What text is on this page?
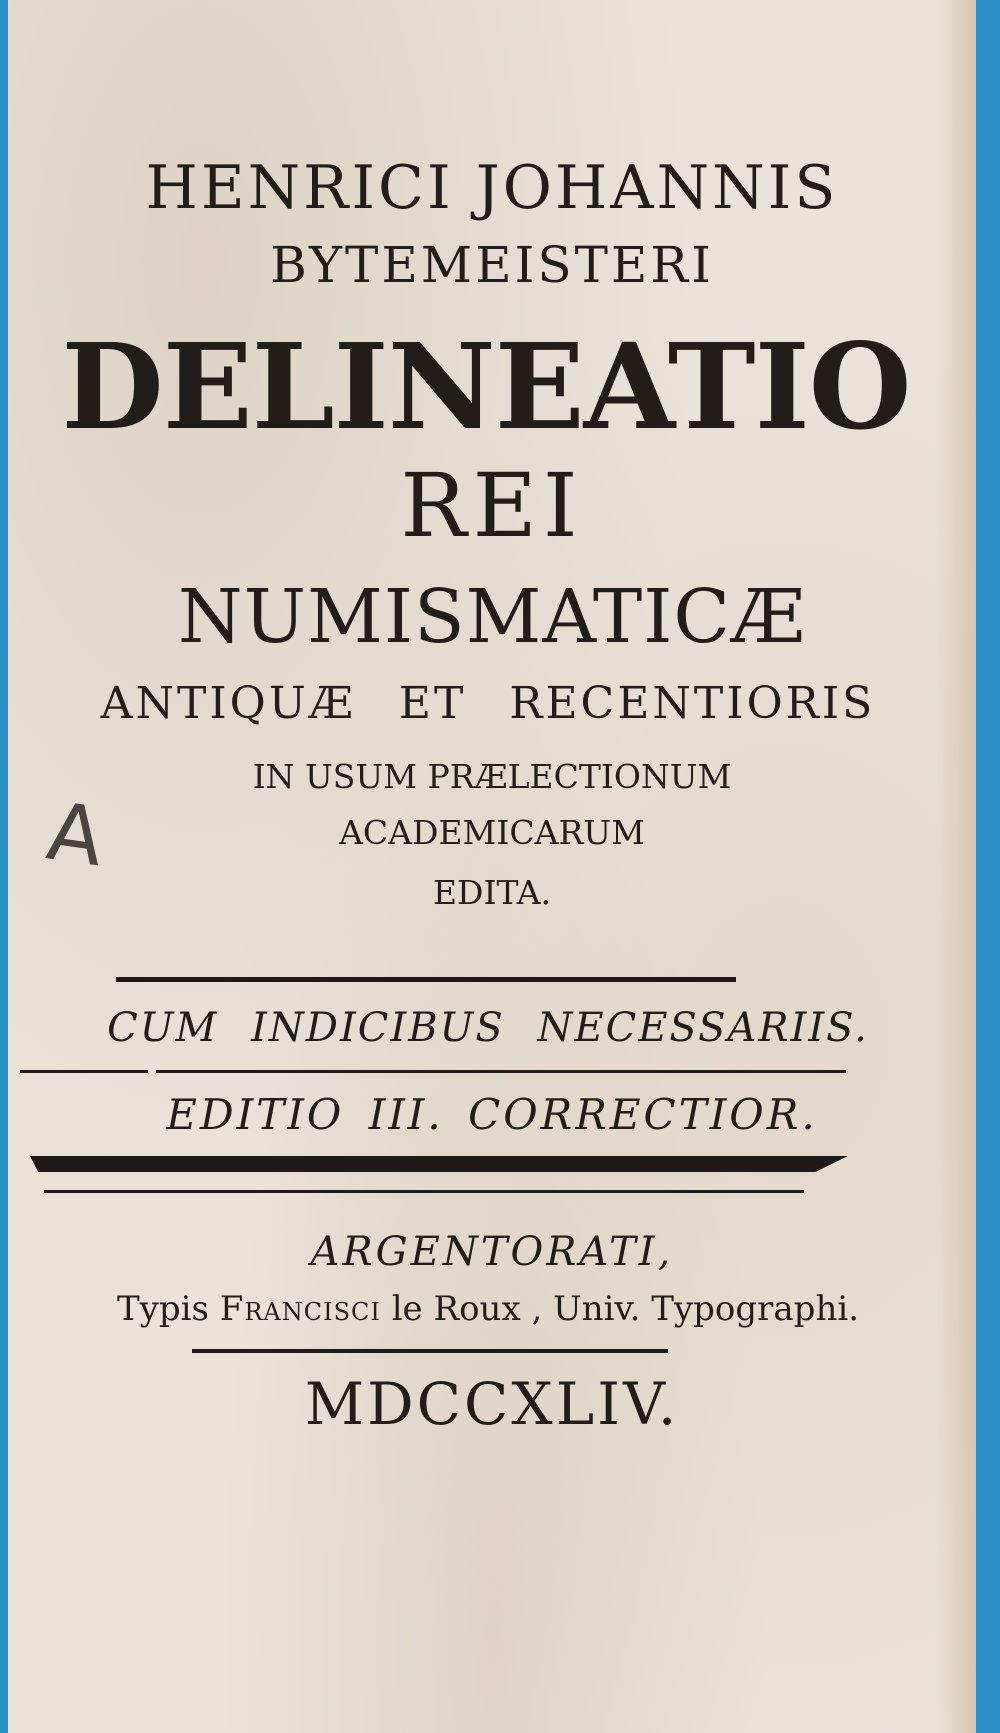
HENRICI JOHANNIS
BYTEMEISTERI
DELINEATIO
REI
NUMISMATICÆ
ANTIQUÆ ET RECENTIORIS
IN USUM PRÆLECTIONUM
ACADEMICARUM
EDITA.
A
CUM INDICIBUS NECESSARIIS.
EDITIO III. CORRECTIOR.
ARGENTORATI,
Typis Francisci le Roux , Univ. Typographi.
MDCCXLIV.
